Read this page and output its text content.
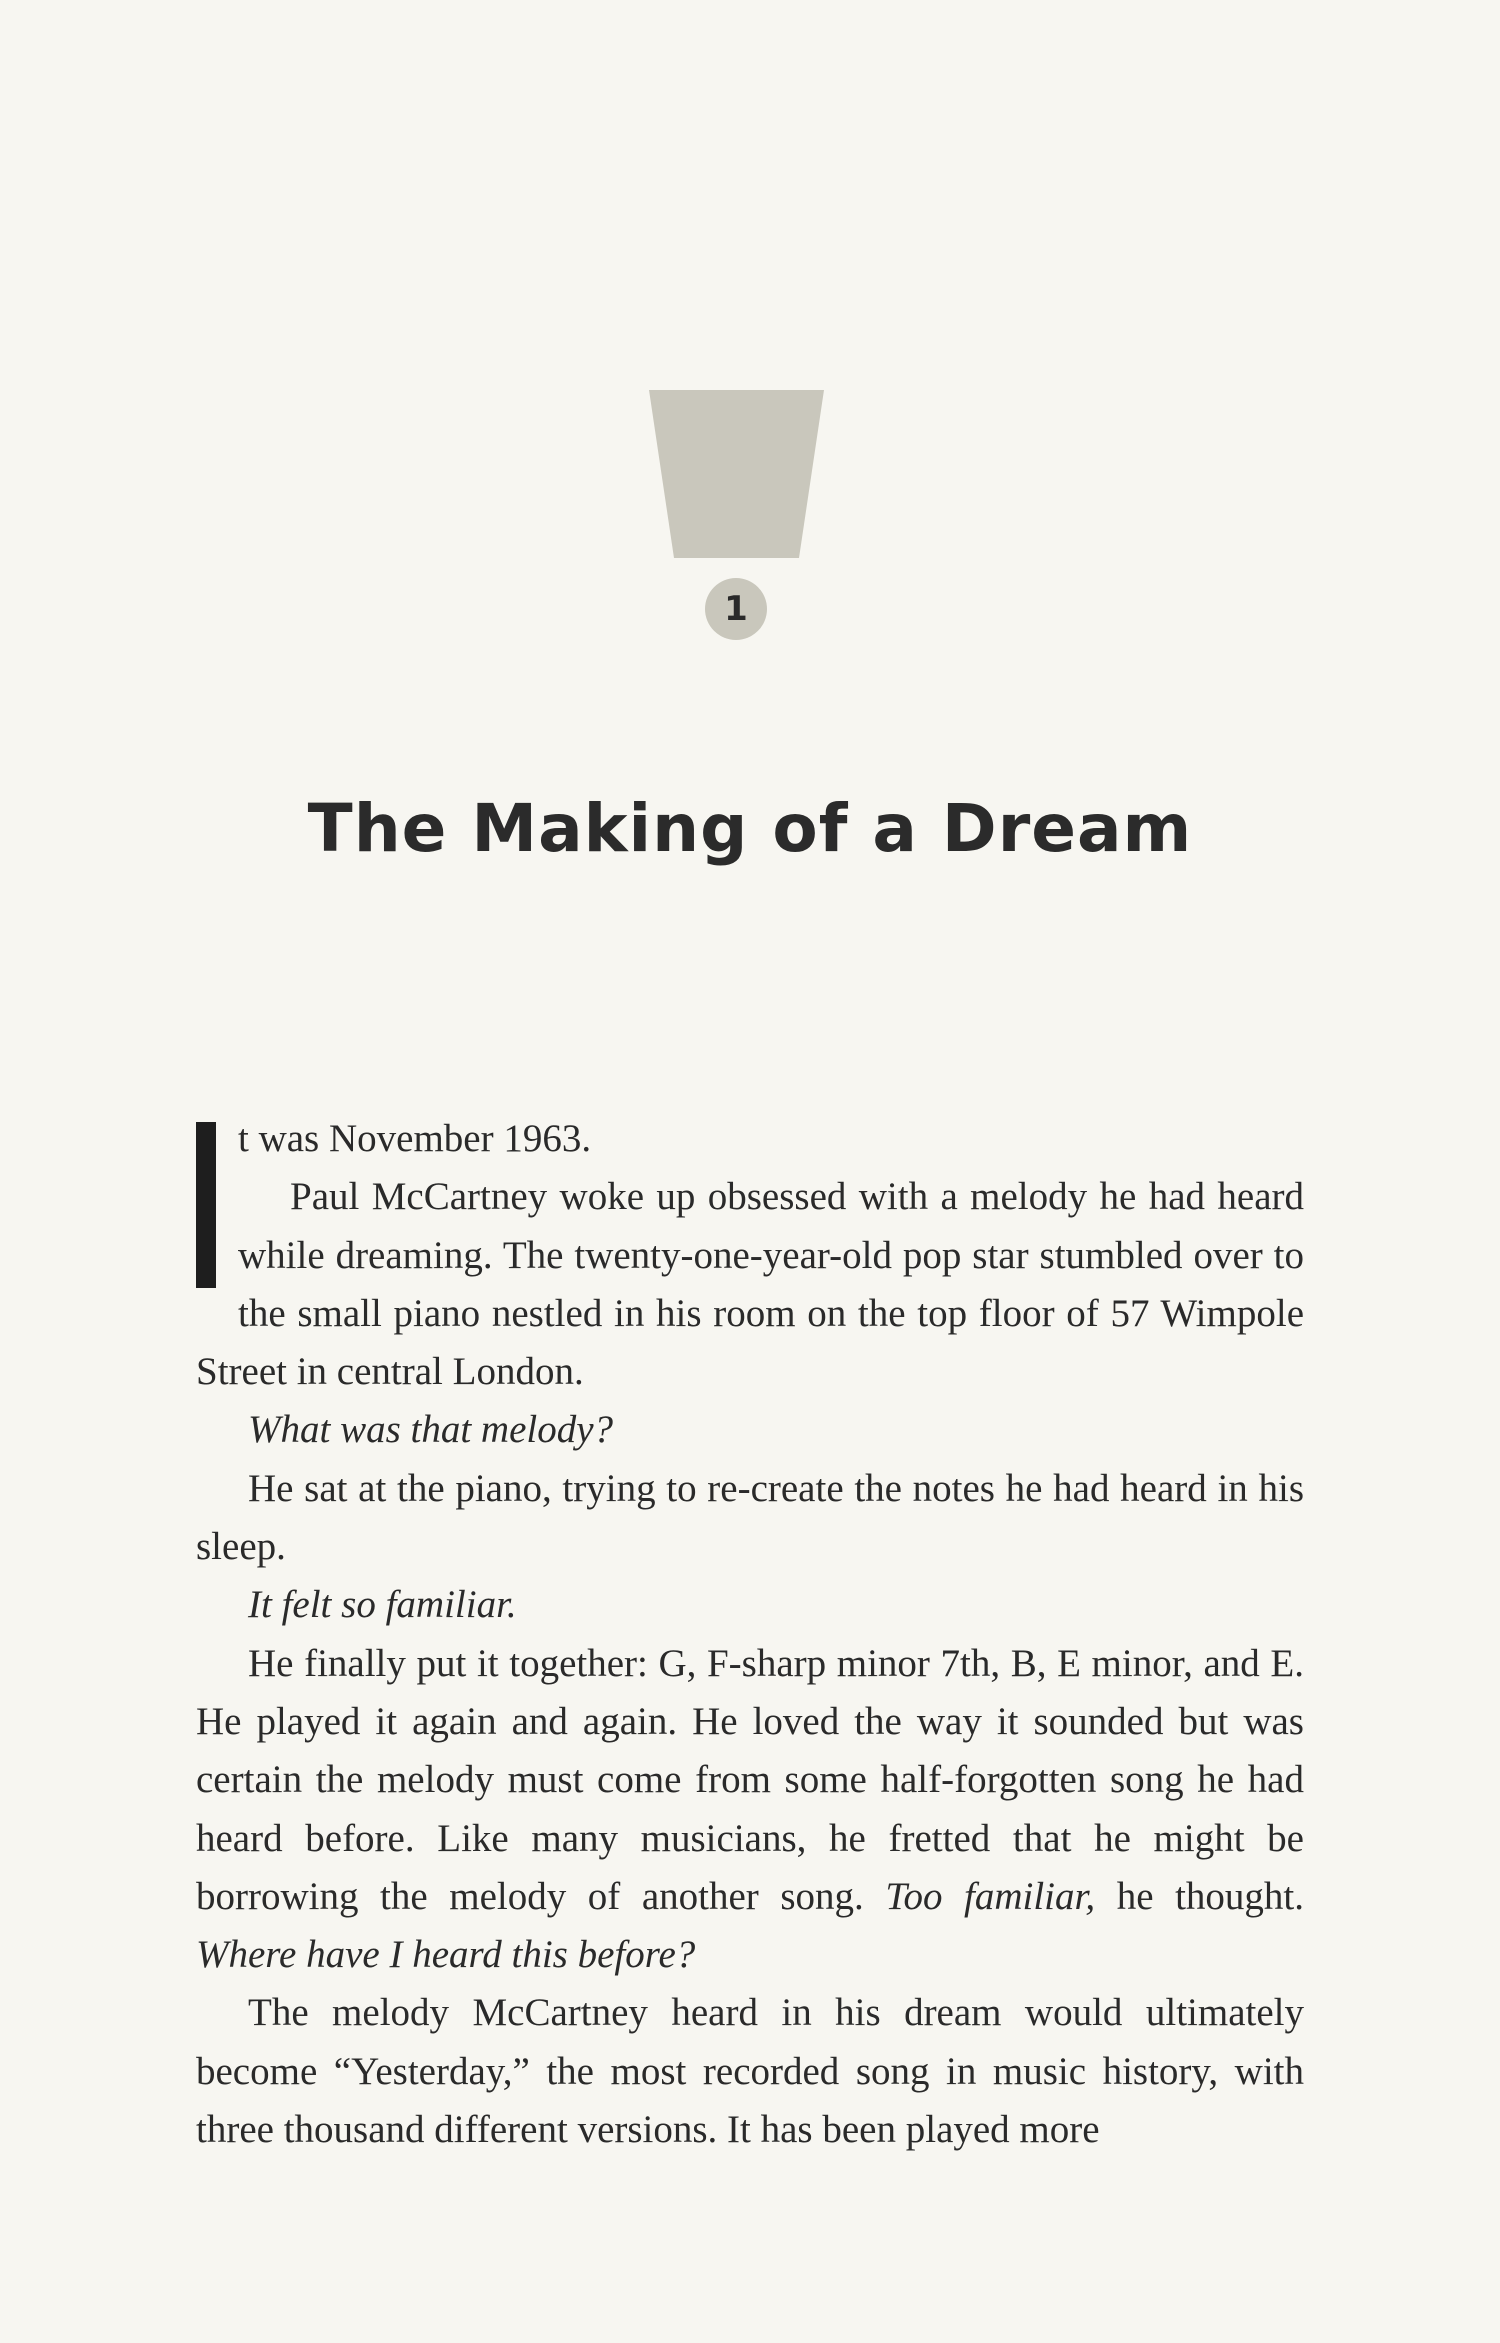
1
The Making of a Dream

t was November 1963.

Paul McCartney woke up obsessed with a melody he had heard while dreaming. The twenty-one-year-old pop star stumbled over to the small piano nestled in his room on the top floor of 57 Wimpole Street in central London.

What was that melody?

He sat at the piano, trying to re-create the notes he had heard in his sleep.

It felt so familiar.

He finally put it together: G, F-sharp minor 7th, B, E minor, and E. He played it again and again. He loved the way it sounded but was certain the melody must come from some half-forgotten song he had heard before. Like many musicians, he fretted that he might be borrowing the melody of another song. Too familiar, he thought. Where have I heard this before?

The melody McCartney heard in his dream would ultimately become “Yesterday,” the most recorded song in music history, with three thousand different versions. It has been played more
